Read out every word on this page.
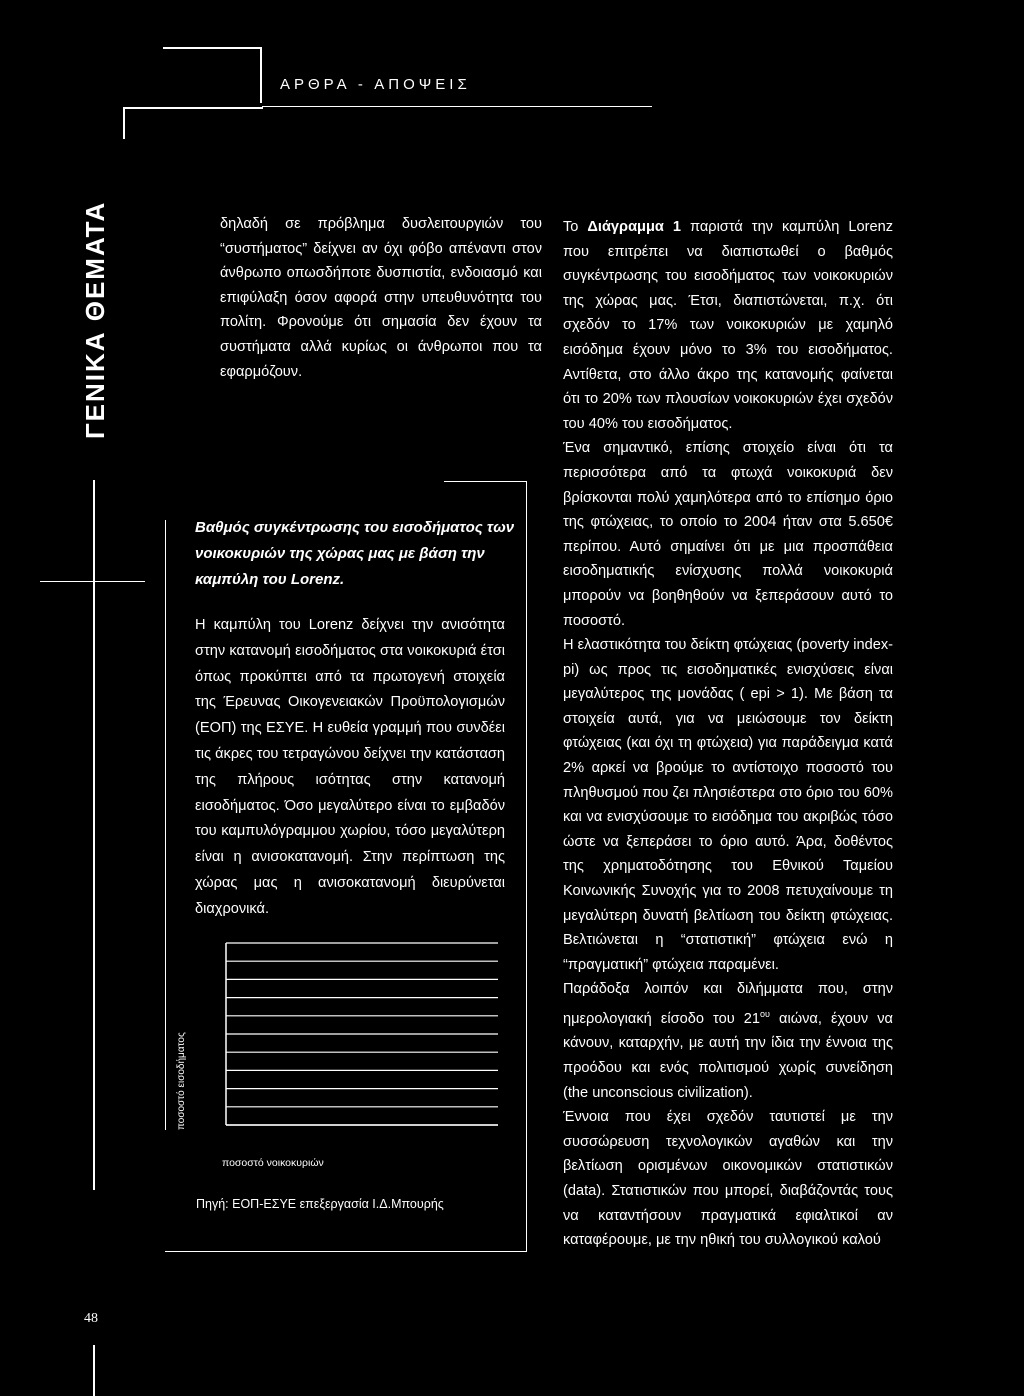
ΑΡΘΡΑ - ΑΠΟΨΕΙΣ
ΓΕΝΙΚΑ ΘΕΜΑΤΑ	δηλαδή σε πρόβλημα δυσλειτουργιών του “συστήματος” δείχνει αν όχι φόβο απέναντι στον άνθρωπο οπωσδήποτε δυσπιστία, ενδοιασμό και επιφύλαξη όσον αφορά στην υπευθυνότητα του πολίτη. Φρονούμε ότι σημασία δεν έχουν τα συστήματα αλλά κυρίως οι άνθρωποι που τα εφαρμόζουν.

Βαθμός συγκέντρωσης του εισοδήματος των νοικοκυριών της χώρας μας με βάση την καμπύλη του Lorenz.
Η καμπύλη του Lorenz δείχνει την ανισότητα στην κατανομή εισοδήματος στα νοικοκυριά έτσι όπως προκύπτει από τα πρωτογενή στοιχεία της Έρευνας Οικογενειακών Προϋπολογισμών (ΕΟΠ) της ΕΣΥΕ. Η ευθεία γραμμή που συνδέει τις άκρες του τετραγώνου δείχνει την κατάσταση της πλήρους ισότητας στην κατανομή εισοδήματος. Όσο μεγαλύτερο είναι το εμβαδόν του καμπυλόγραμμου χωρίου, τόσο μεγαλύτερη είναι η ανισοκατανομή. Στην περίπτωση της χώρας μας η ανισοκατανομή διευρύνεται διαχρονικά.
ποσοστό εισοδήματος
ποσοστό νοικοκυριών
Πηγή: ΕΟΠ-ΕΣΥΕ επεξεργασία Ι.Δ.Μπουρής

Το Διάγραμμα 1 παριστά την καμπύλη Lorenz που επιτρέπει να διαπιστωθεί ο βαθμός συγκέντρωσης του εισοδήματος των νοικοκυριών της χώρας μας. Έτσι, διαπιστώνεται, π.χ. ότι σχεδόν το 17% των νοικοκυριών με χαμηλό εισόδημα έχουν μόνο το 3% του εισοδήματος. Αντίθετα, στο άλλο άκρο της κατανομής φαίνεται ότι το 20% των πλουσίων νοικοκυριών έχει σχεδόν του 40% του εισοδήματος.

Ένα σημαντικό, επίσης στοιχείο είναι ότι τα περισσότερα από τα φτωχά νοικοκυριά δεν βρίσκονται πολύ χαμηλότερα από το επίσημο όριο της φτώχειας, το οποίο το 2004 ήταν στα 5.650€ περίπου. Αυτό σημαίνει ότι με μια προσπάθεια εισοδηματικής ενίσχυσης πολλά νοικοκυριά μπορούν να βοηθηθούν να ξεπεράσουν αυτό το ποσοστό.

Η ελαστικότητα του δείκτη φτώχειας (poverty index-pi) ως προς τις εισοδηματικές ενισχύσεις είναι μεγαλύτερος της μονάδας ( epi > 1). Με βάση τα στοιχεία αυτά, για να μειώσουμε τον δείκτη φτώχειας (και όχι τη φτώχεια) για παράδειγμα κατά 2% αρκεί να βρούμε το αντίστοιχο ποσοστό του πληθυσμού που ζει πλησιέστερα στο όριο του 60% και να ενισχύσουμε το εισόδημα του ακριβώς τόσο ώστε να ξεπεράσει το όριο αυτό. Άρα, δοθέντος της χρηματοδότησης του Εθνικού Ταμείου Κοινωνικής Συνοχής για το 2008 πετυχαίνουμε τη μεγαλύτερη δυνατή βελτίωση του δείκτη φτώχειας. Βελτιώνεται η “στατιστική” φτώχεια ενώ η “πραγματική” φτώχεια παραμένει.

Παράδοξα λοιπόν και διλήμματα που, στην ημερολογιακή είσοδο του $21^{o\upsilon}$ αιώνα, έχουν να κάνουν, καταρχήν, με αυτή την ίδια την έννοια της προόδου και ενός πολιτισμού χωρίς συνείδηση (the unconscious civilization).

Έννοια που έχει σχεδόν ταυτιστεί με την συσσώρευση τεχνολογικών αγαθών και την βελτίωση ορισμένων οικονομικών στατιστικών (data). Στατιστικών που μπορεί, διαβάζοντάς τους να καταντήσουν πραγματικά εφιαλτικοί αν καταφέρουμε, με την ηθική του συλλογικού καλού

48
